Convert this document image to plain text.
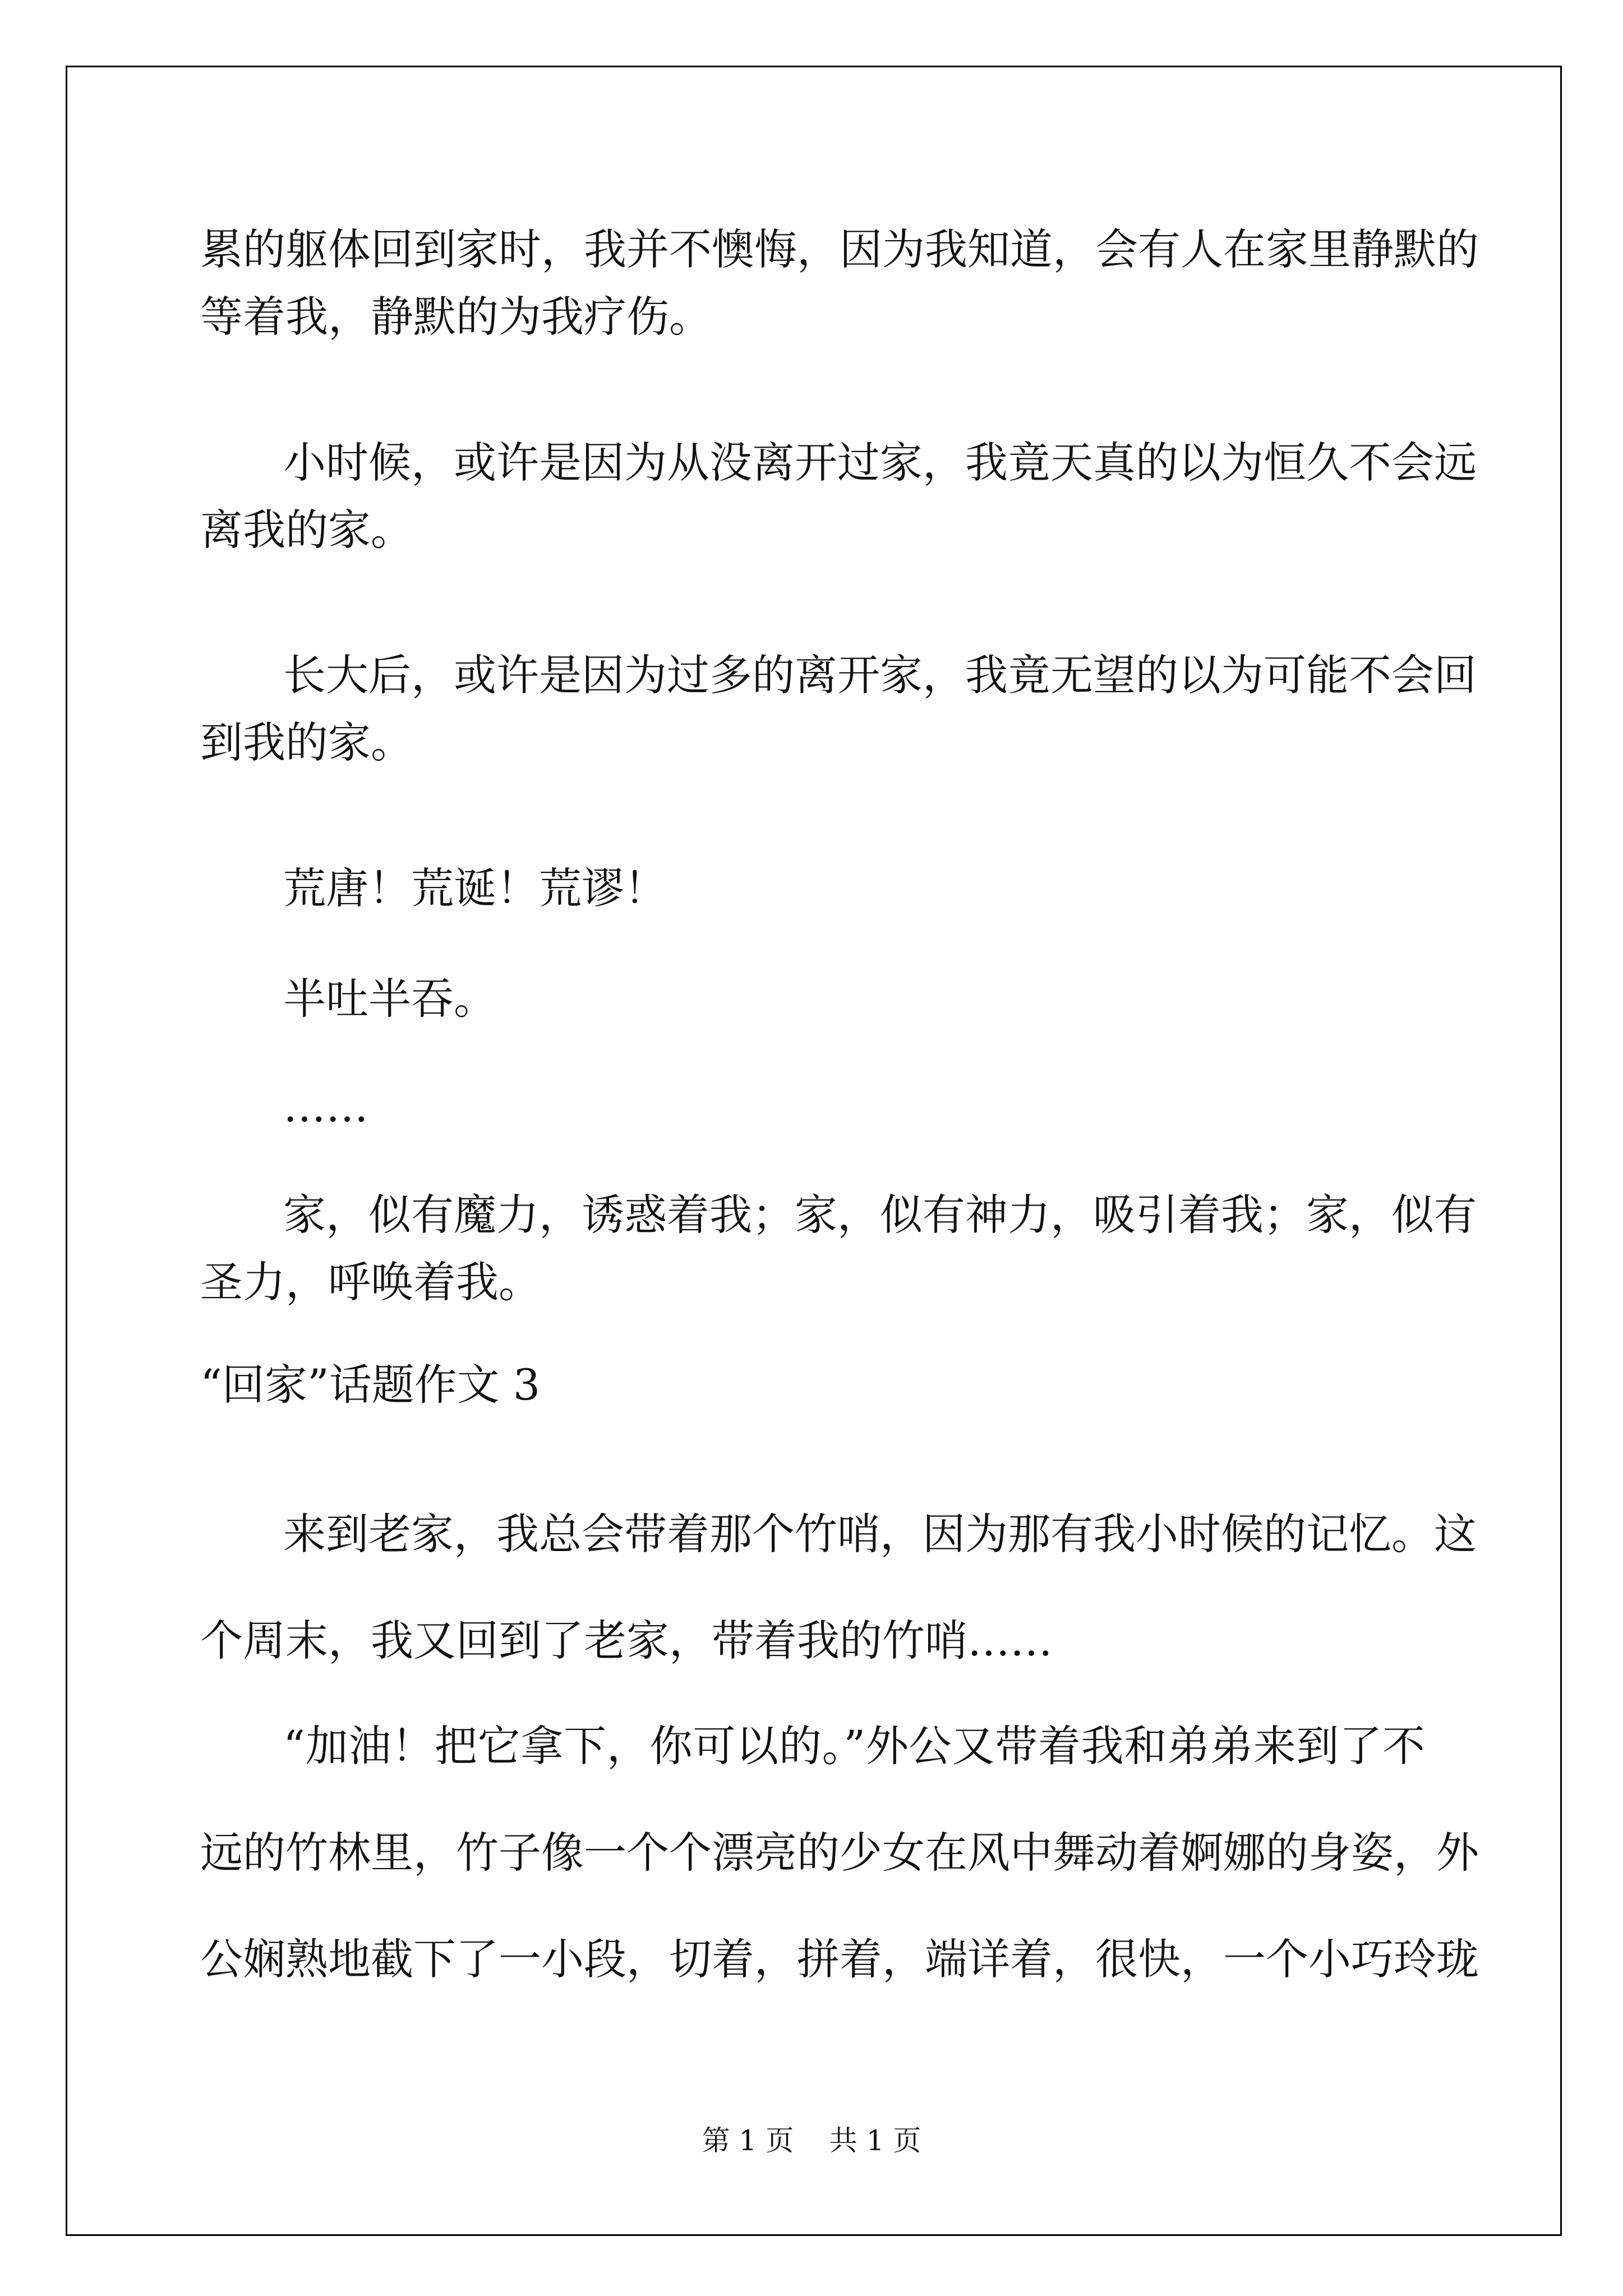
累的躯体回到家时，我并不懊悔，因为我知道，会有人在家里静默的

等着我，静默的为我疗伤。

小时候，或许是因为从没离开过家，我竟天真的以为恒久不会远

离我的家。

长大后，或许是因为过多的离开家，我竟无望的以为可能不会回

到我的家。

荒唐！荒诞！荒谬！

半吐半吞。

……

家，似有魔力，诱惑着我；家，似有神力，吸引着我；家，似有

圣力，呼唤着我。

“回家”话题作文 3

来到老家，我总会带着那个竹哨，因为那有我小时候的记忆。这

个周末，我又回到了老家，带着我的竹哨……

“加油！把它拿下，你可以的。”外公又带着我和弟弟来到了不

远的竹林里，竹子像一个个漂亮的少女在风中舞动着婀娜的身姿，外

公娴熟地截下了一小段，切着，拼着，端详着，很快，一个小巧玲珑

第 1 页    共 1 页
